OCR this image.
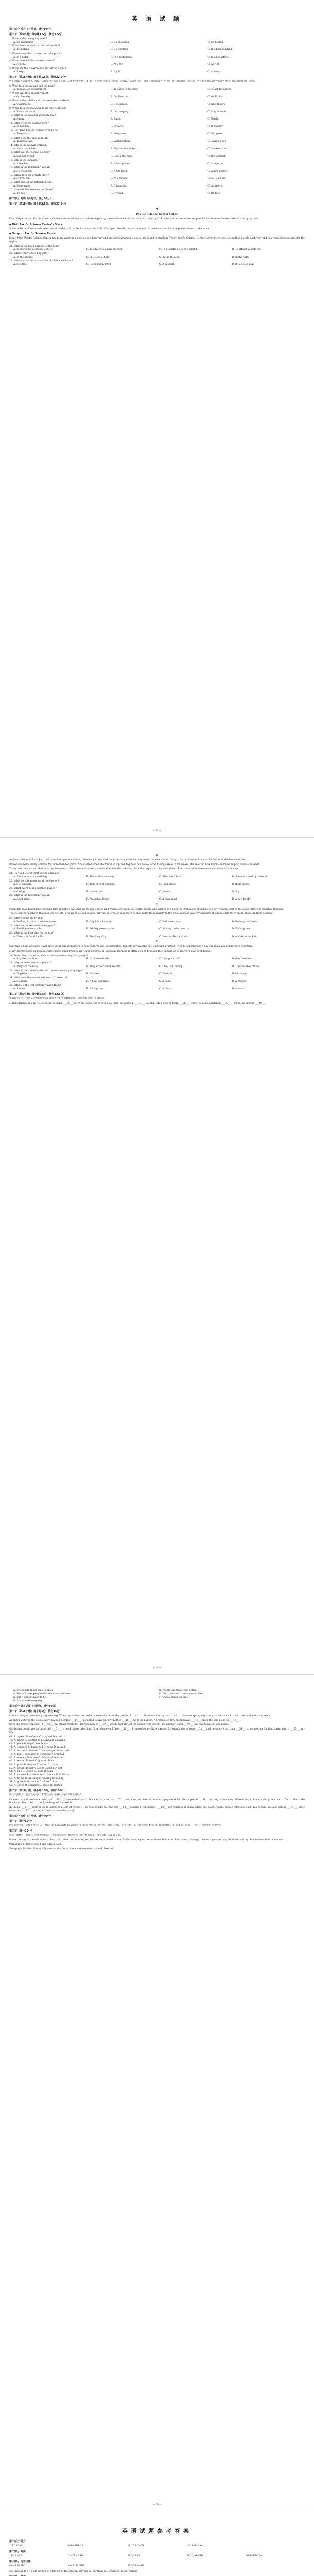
英 语 试 题
第一部分 听力（共两节，满分30分）
第一节（共5小题；每小题1.5分，满分7.5分）
1. What is the man going to do?
A. Go swimming.	B. Go shopping.	C. Go fishing.
2. What does the woman think of the film?
A. It's boring.	B. It's exciting.	C. It's disappointing.
3. Where does the conversation take place?
A. In a hotel.	B. In a restaurant.	C. In a bookstore.
4. What time will the speakers meet?
A. At 6:30.	B. At 7:00.	C. At 7:30.
5. What are the speakers mainly talking about?
A. A trip.	B. A job.	C. A party.
第二节（共15小题；每小题1.5分，满分22.5分）

听下面5段对话或独白。每段对话或独白后有几个小题，从题中所给的A、B、C三个选项中选出最佳选项。听每段对话或独白前，你将有时间阅读各个小题，每小题5秒钟；听完后，各小题将给出5秒钟的作答时间。每段对话或独白读两遍。

6. Why does the woman call the man?
A. To make an appointment.	B. To cancel a meeting.	C. To ask for advice.
7. When will they probably meet?
A. On Monday.	B. On Tuesday.	C. On Friday.
8. What is the relationship between the speakers?
A. Classmates.	B. Colleagues.	C. Neighbours.
9. What does the man plan to do this weekend?
A. Visit a museum.	B. Go camping.	C. Stay at home.
10. What is the weather probably like?
A. Sunny.	B. Rainy.	C. Windy.
11. Where was the woman born?
A. In London.	B. In Paris.	C. In Sydney.
12. How long has the woman lived here?
A. Two years.	B. Five years.	C. Ten years.
13. What does the man suggest?
A. Taking a taxi.	B. Walking there.	C. Taking a bus.
14. Why is the woman worried?
A. She may be late.	B. She lost her ticket.	C. She feels sick.
15. What will the woman do next?
A. Call her friend.	B. Check the map.	C. Buy a ticket.
16. Who is the speaker?
A. A teacher.	B. A tour guide.	C. A reporter.
17. What is the talk mainly about?
A. A school trip.	B. A city park.	C. A new library.
18. When does the activity start?
A. At 8:00 am.	B. At 9:00 am.	C. At 10:00 am.
19. What should the listeners bring?
A. Some water.	B. A raincoat.	C. A camera.
20. How will the listeners get there?
A. By bus.	B. By train.	C. On foot.
第二部分 阅读（共两节，满分50分）
第一节（共15小题；每小题2.5分，满分37.5分）
A
Pacific Science Center Guide

Don't forget to visit Pacific Science Center's stores while you are here to pick up a remembrance of your visit or to buy a gift. Proceeds from our stores support Pacific Science Center's exhibits and programs.

◆ Visit Pacific Science Center's Store

Science Store offers a wide selection of products, from books to toys, for kids of all ages. Stop by on your way out of the center and find the perfect item to take home.

◆ Support Pacific Science Center

Since 1962, Pacific Science Center has been inspiring a passion for discovery and lifelong learning in science, math and technology. Today, Pacific Science Center serves more than one million people each year and is a respected resource for the region.

21. What is the main purpose of the text?
A. To introduce a science center.	B. To advertise a new product.	C. To describe a science exhibit.	D. To attract volunteers.
22. Where can visitors buy gifts?
A. In the library.	B. In Science Store.	C. In the theater.	D. In the cafe.
23. What can we learn about Pacific Science Center?
A. It is free.	B. It opened in 1962.	C. It is small.	D. It is closed now.
— 1 —
B

As Jenny Bowen talks to Joy, the kitten, her eyes are shining. She has just rescued the little animal from a busy road, and now she is trying to find it a home. It is not the first time she has done this.

Bowen has been saving animals for more than ten years. She started when she found an injured dog near her house. After taking care of it for weeks, she realized how much she loved helping animals in need.

Today, she runs a small shelter in her hometown. Volunteers come every weekend to feed the animals, clean the cages and play with them. "Every animal deserves a second chance," she says.

24. How did Bowen start saving animals?
A. She found an injured dog.	B. She worked at a zoo.	C. She read a book.	D. She was asked by a friend.
25. What do volunteers do at the shelter?
A. Sell animals.	B. Take care of animals.	C. Train dogs.	D. Build cages.
26. Which word best describes Bowen?
A. Caring.	B. Humorous.	C. Honest.	D. Shy.
27. What is the text mainly about?
A. A pet store.	B. An animal lover.	C. A busy road.	D. A new hobby.
C

Scientists have found that spending time in nature can improve people's mood and reduce stress. In one study, people who walked in a park for 90 minutes showed less activity in the part of the brain related to negative thinking.

The researchers believe that modern city life, with its noise and crowds, may be one reason why more people suffer from anxiety today. They suggest that city planners should include more green spaces in their designs.

28. What did the study find?
A. Walking in nature reduces stress.	B. City life is healthy.	C. Parks are noisy.	D. Brains grow faster.
29. What do the researchers suggest?
A. Building more roads.	B. Adding green spaces.	C. Moving to the country.	D. Walking less.
30. What is the best title for the text?
A. Nature Is Good for Us	B. The Busy City	C. How the Brain Works	D. A Walk in the Rain
D

Learning a new language is not easy, but it can open doors to new cultures and opportunities. Experts say that the key is regular practice. Even fifteen minutes a day can make a big difference over time.

Many learners give up because they expect quick results. However, progress in language learning is often slow at first and then speeds up as learners gain confidence.

31. According to experts, what is the key to learning a language?
A. Regular practice.	B. Expensive books.	C. Living abroad.	D. Good teachers.
32. Why do many learners give up?
A. They are too busy.	B. They expect quick results.	C. They lack money.	D. They dislike culture.
33. What is the author's attitude towards learning languages?
A. Negative.	B. Positive.	C. Doubtful.	D. Uncaring.
34. What does the underlined word "it" refer to?
A. A culture.	B. A new language.	C. A door.	D. A chance.
35. Where is the text probably taken from?
A. A novel.	B. A magazine.	C. A diary.	D. A menu.
第二节（共5小题；每小题2.5分，满分12.5分）

根据短文内容，从短文后的选项中选出能填入空白处的最佳选项。选项中有两项为多余选项。

Making friends in a new school can be hard. ___36___ Here are some tips to help you. First, be yourself. ___37___ Second, join a club or team. ___38___ Third, be a good listener. ___39___ Finally, be patient. ___40___

— 2 —
A. Friendship takes time to grow.	B. People like those who listen.
C. You will meet people with the same interests.	D. Don't pretend to be someone else.
E. But it doesn't have to be.	F. Always arrive on time.
G. Study hard every day.
第三部分 语言运用（共两节，满分30分）
第一节（共15小题；每小题1分，满分15分）

I never thought I would enjoy gardening. When my mother first asked me to help her in the garden, I ___41___ . It seemed boring and ___42___ . But one spring day, she gave me a small ___43___ of land and some seeds.

At first, I watered the seeds every day, but nothing ___44___ . I wanted to give up. My mother ___45___ me to be patient. A week later, tiny green leaves ___46___ from the soil. I was so ___47___ .

Over the next few months, I ___48___ my plants carefully. I learned how to ___49___ weeds and protect the plants from insects. By summer, I had ___50___ my own tomatoes and beans.

Gardening taught me an important ___51___ : good things take time. Now, whenever I face ___52___ , I remember my little garden. It reminds me to keep ___53___ and never give up. I am ___54___ to my mother for that spring day. It ___55___ my life.

41. A. agreed B. refused C. laughed D. cried
42. A. tiring B. exciting C. relaxing D. amazing
43. A. piece B. bag C. box D. map
44. A. changed B. happened C. grew D. moved
45. A. forced B. allowed C. encouraged D. warned
46. A. fell B. appeared C. escaped D. dropped
47. A. nervous B. bored C. delighted D. tired
48. A. tended B. sold C. ignored D. cut
49. A. plant B. remove C. water D. count
50. A. bought B. harvested C. cooked D. lost
51. A. rule B. lesson C. story D. plan
52. A. success B. difficulties C. friends D. holidays
53. A. trying B. sleeping C. waiting D. talking
54. A. grateful B. similar C. close D. kind
55. A. ended B. changed C. saved D. started
第二节（共10小题；每小题1.5分，满分15分）

阅读下面短文，在空白处填入1个适当的单词或括号内单词的正确形式。

Chinese tea culture has a history of ___56___ (thousand) of years. Tea was first used as ___57___ medicine, and later it became a popular drink. Today, people ___58___ (drink) tea in many different ways. Some prefer green tea, ___59___ others like black tea. Tea ___60___ (think) to be good for health.

In China, ___61___ (serve) tea to guests is a sign of respect. The host usually fills the cup ___62___ (careful). Tea houses, ___63___ are common in many cities, are places where people relax and chat. Tea culture has also spread ___64___ other countries, ___65___ (make) it known around the world.

第四部分 写作（共两节，满分40分）
第一节（满分15分）

假定你是李华，你校英文报正在开展以"My Favourite Season"为主题的征文活动。请你写一篇短文投稿，内容包括：1. 你最喜欢的季节；2. 喜欢的原因；3. 该季节的活动。注意：写作词数应为80左右。

第二节（满分25分）

阅读下面材料，根据其内容和所给段落开头语续写两段，使之构成一篇完整的短文。续写词数应为150左右。

It was the day of the school race. Tom had trained for months, and he was determined to win. As the race began, he ran faster than ever. But halfway through, he saw a younger boy fall down and cry. Tom hesitated for a moment...

Paragraph 1: Tom stopped and turned back.

Paragraph 2: When Tom finally crossed the finish line, everyone stood up and cheered.

— 3 —
英语试题参考答案
第一部分 听力
1-5 CBBAC	6-10 ABBCA	11-15 ACACB	16-20 BACAA
第二部分 阅读
21-23 ABB	24-27 ABAB	28-30 ABA	31-35 ABBBB	36-40 EDCBA
第三部分 语言运用
41-45 BAABC	46-50 BCABB	51-55 BBAAB

56. thousands 57. a 58. drink 59. while 60. is thought 61. serving 62. carefully 63. which 64. to 65. making
